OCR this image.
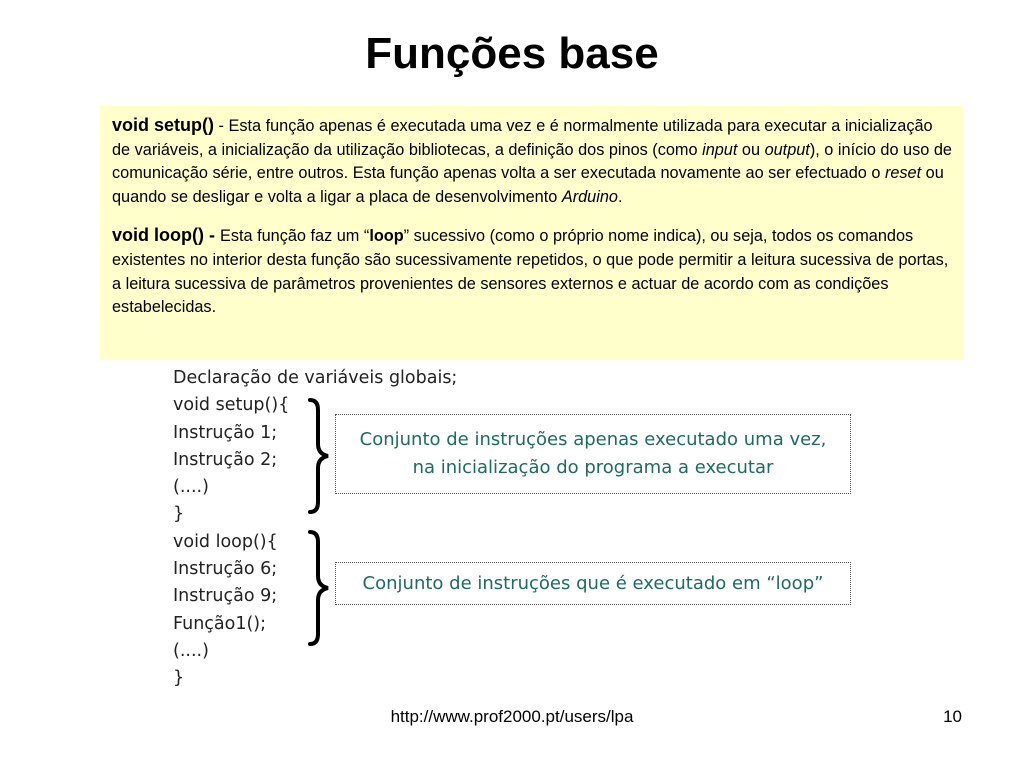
Funções base

void setup() - Esta função apenas é executada uma vez e é normalmente utilizada para executar a inicialização de variáveis, a inicialização da utilização bibliotecas, a definição dos pinos (como input ou output), o início do uso de comunicação série, entre outros. Esta função apenas volta a ser executada novamente ao ser efectuado o reset ou quando se desligar e volta a ligar a placa de desenvolvimento Arduino.

void loop() - Esta função faz um “loop” sucessivo (como o próprio nome indica), ou seja, todos os comandos existentes no interior desta função são sucessivamente repetidos, o que pode permitir a leitura sucessiva de portas, a leitura sucessiva de parâmetros provenientes de sensores externos e actuar de acordo com as condições estabelecidas.

Declaração de variáveis globais;
void setup(){
Instrução 1;
Instrução 2;
(....)
}
void loop(){
Instrução 6;
Instrução 9;
Função1();
(....)
}
Conjunto de instruções apenas executado uma vez,
na inicialização do programa a executar
Conjunto de instruções que é executado em “loop”
http://www.prof2000.pt/users/lpa	10
